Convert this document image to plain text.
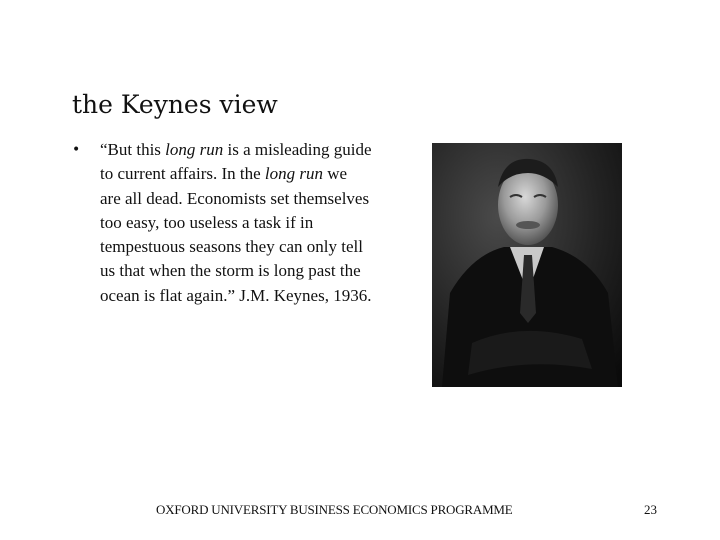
the Keynes view
• “But this long run is a misleading guide to current affairs. In the long run we are all dead. Economists set themselves too easy, too useless a task if in tempestuous seasons they can only tell us that when the storm is long past the ocean is flat again.” J.M. Keynes, 1936.
OXFORD UNIVERSITY BUSINESS ECONOMICS PROGRAMME	23
